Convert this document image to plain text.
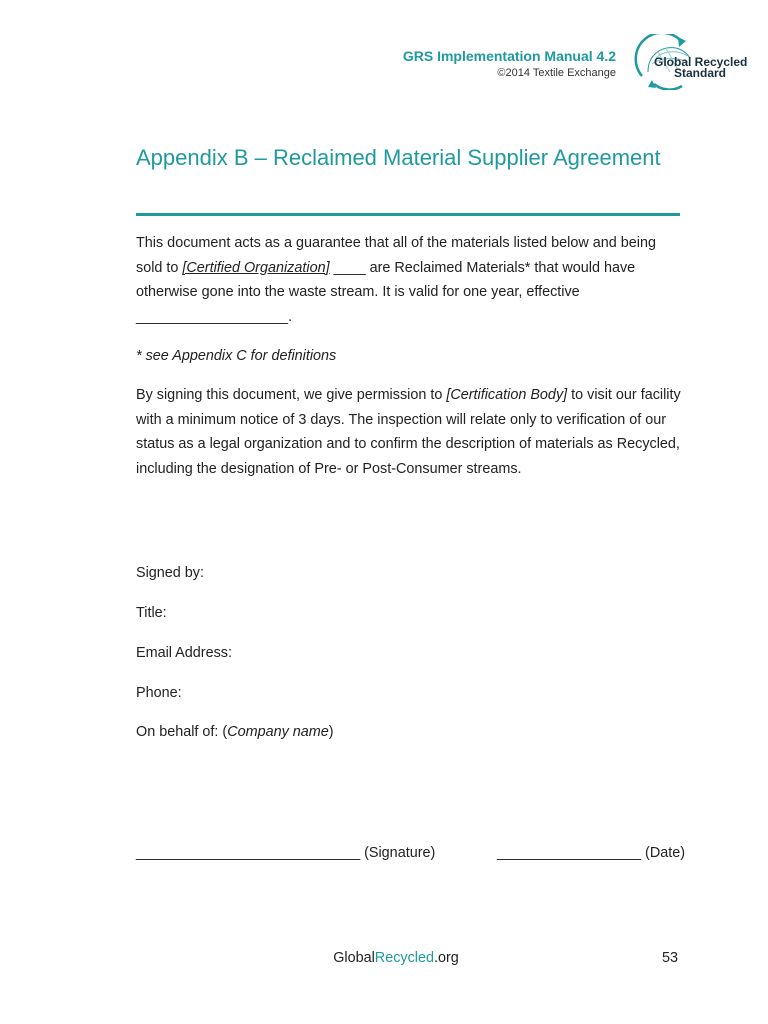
GRS Implementation Manual 4.2
©2014 Textile Exchange
Global Recycled
Standard
Appendix B – Reclaimed Material Supplier Agreement

This document acts as a guarantee that all of the materials listed below and being sold to [Certified Organization] ____ are Reclaimed Materials* that would have otherwise gone into the waste stream. It is valid for one year, effective ___________________.

* see Appendix C for definitions

By signing this document, we give permission to [Certification Body] to visit our facility with a minimum notice of 3 days. The inspection will relate only to verification of our status as a legal organization and to confirm the description of materials as Recycled, including the designation of Pre- or Post-Consumer streams.

Signed by:
Title:
Email Address:
Phone:
On behalf of: (Company name)
____________________________ (Signature)	__________________ (Date)
GlobalRecycled.org	53
